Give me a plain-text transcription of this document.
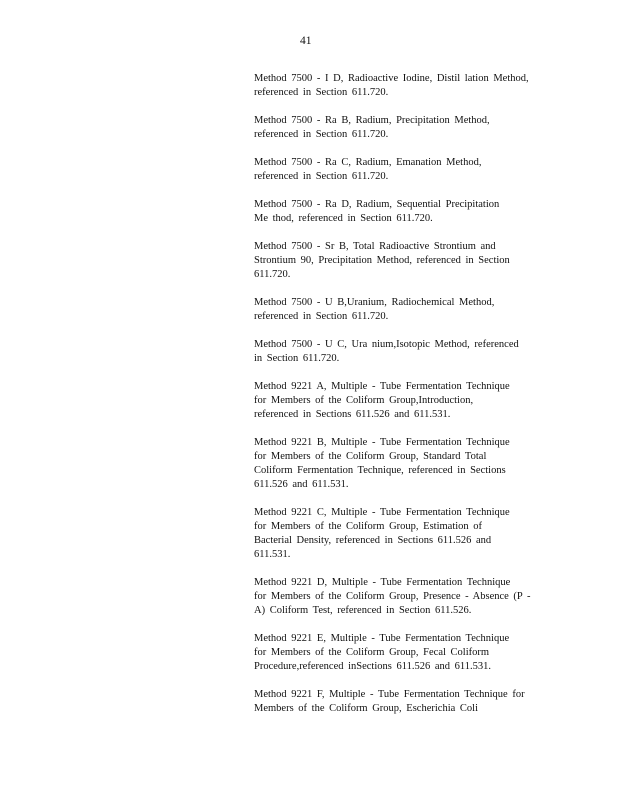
41
Method 7500 - I D, Radioactive Iodine, Distil lation Method,
referenced in Section 611.720.
Method 7500 - Ra B, Radium, Precipitation Method,
referenced in Section 611.720.
Method 7500 - Ra C, Radium, Emanation Method,
referenced in Section 611.720.
Method 7500 - Ra D, Radium, Sequential Precipitation
Me thod, referenced in Section 611.720.
Method 7500 - Sr B, Total Radioactive Strontium and
Strontium 90, Precipitation Method, referenced in Section
611.720.
Method 7500 - U B,Uranium, Radiochemical Method,
referenced in Section 611.720.
Method 7500 - U C, Ura nium,Isotopic Method, referenced
in Section 611.720.
Method 9221 A, Multiple - Tube Fermentation Technique
for Members of the Coliform Group,Introduction,
referenced in Sections 611.526 and 611.531.
Method 9221 B, Multiple - Tube Fermentation Technique
for Members of the Coliform Group, Standard Total
Coliform Fermentation Technique, referenced in Sections
611.526 and 611.531.
Method 9221 C, Multiple - Tube Fermentation Technique
for Members of the Coliform Group, Estimation of
Bacterial Density, referenced in Sections 611.526 and
611.531.
Method 9221 D, Multiple - Tube Fermentation Technique
for Members of the Coliform Group, Presence - Absence (P -
A) Coliform Test, referenced in Section 611.526.
Method 9221 E, Multiple - Tube Fermentation Technique
for Members of the Coliform Group, Fecal Coliform
Procedure,referenced inSections 611.526 and 611.531.
Method 9221 F, Multiple - Tube Fermentation Technique for
Members of the Coliform Group, Escherichia Coli
